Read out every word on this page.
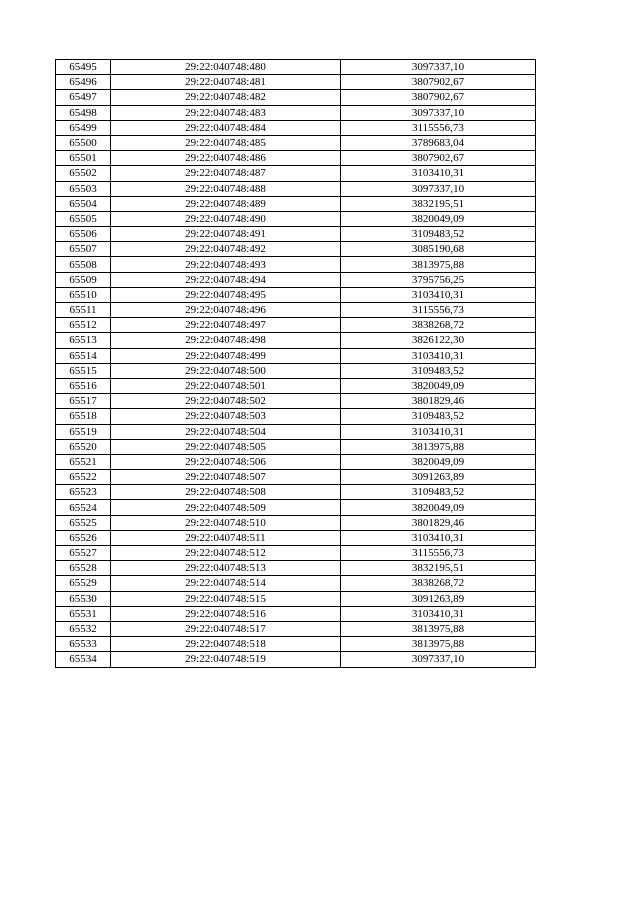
65495	29:22:040748:480	3097337,10
65496	29:22:040748:481	3807902,67
65497	29:22:040748:482	3807902,67
65498	29:22:040748:483	3097337,10
65499	29:22:040748:484	3115556,73
65500	29:22:040748:485	3789683,04
65501	29:22:040748:486	3807902,67
65502	29:22:040748:487	3103410,31
65503	29:22:040748:488	3097337,10
65504	29:22:040748:489	3832195,51
65505	29:22:040748:490	3820049,09
65506	29:22:040748:491	3109483,52
65507	29:22:040748:492	3085190,68
65508	29:22:040748:493	3813975,88
65509	29:22:040748:494	3795756,25
65510	29:22:040748:495	3103410,31
65511	29:22:040748:496	3115556,73
65512	29:22:040748:497	3838268,72
65513	29:22:040748:498	3826122,30
65514	29:22:040748:499	3103410,31
65515	29:22:040748:500	3109483,52
65516	29:22:040748:501	3820049,09
65517	29:22:040748:502	3801829,46
65518	29:22:040748:503	3109483,52
65519	29:22:040748:504	3103410,31
65520	29:22:040748:505	3813975,88
65521	29:22:040748:506	3820049,09
65522	29:22:040748:507	3091263,89
65523	29:22:040748:508	3109483,52
65524	29:22:040748:509	3820049,09
65525	29:22:040748:510	3801829,46
65526	29:22:040748:511	3103410,31
65527	29:22:040748:512	3115556,73
65528	29:22:040748:513	3832195,51
65529	29:22:040748:514	3838268,72
65530	29:22:040748:515	3091263,89
65531	29:22:040748:516	3103410,31
65532	29:22:040748:517	3813975,88
65533	29:22:040748:518	3813975,88
65534	29:22:040748:519	3097337,10
